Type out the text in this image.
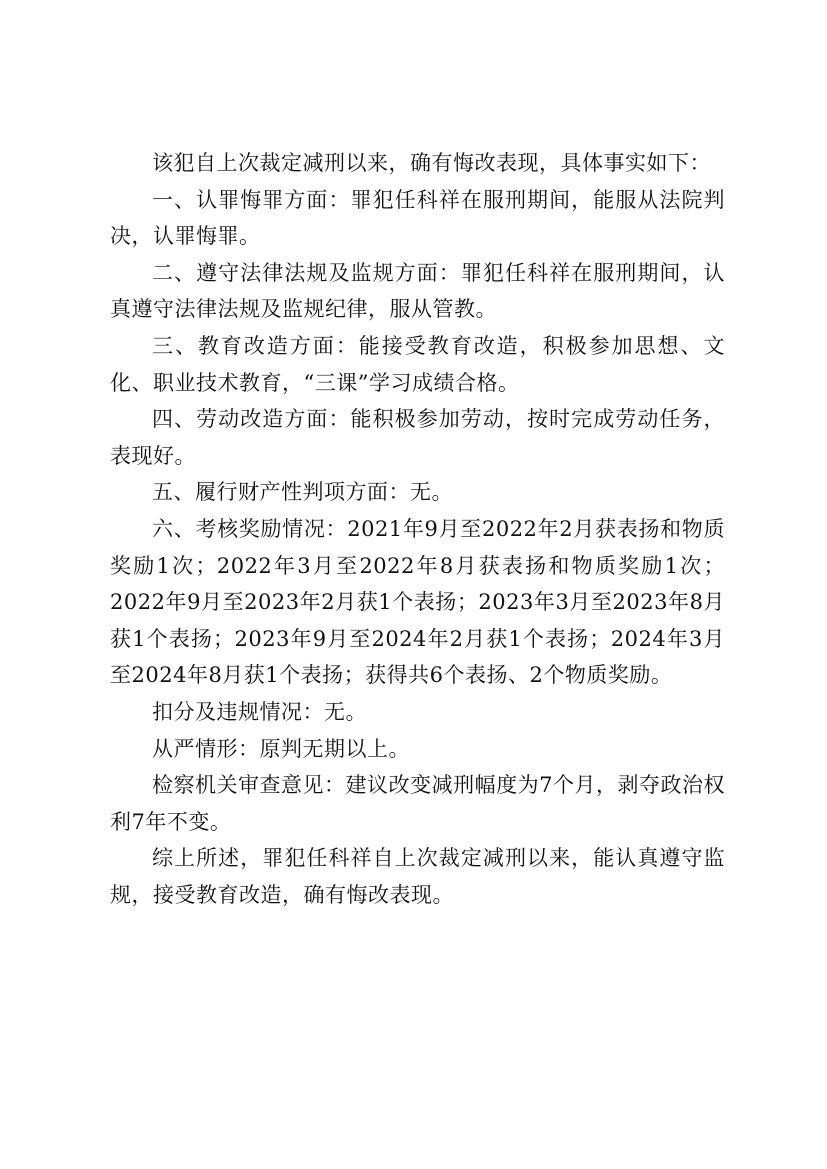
该犯自上次裁定减刑以来，确有悔改表现，具体事实如下：

一、认罪悔罪方面：罪犯任科祥在服刑期间，能服从法院判决，认罪悔罪。

二、遵守法律法规及监规方面：罪犯任科祥在服刑期间，认真遵守法律法规及监规纪律，服从管教。

三、教育改造方面：能接受教育改造，积极参加思想、文化、职业技术教育，“三课”学习成绩合格。

四、劳动改造方面：能积极参加劳动，按时完成劳动任务，表现好。

五、履行财产性判项方面：无。

六、考核奖励情况：2021年9月至2022年2月获表扬和物质奖励1次；2022年3月至2022年8月获表扬和物质奖励1次；2022年9月至2023年2月获1个表扬；2023年3月至2023年8月获1个表扬；2023年9月至2024年2月获1个表扬；2024年3月至2024年8月获1个表扬；获得共6个表扬、2个物质奖励。

扣分及违规情况：无。

从严情形：原判无期以上。

检察机关审查意见：建议改变减刑幅度为7个月，剥夺政治权利7年不变。

综上所述，罪犯任科祥自上次裁定减刑以来，能认真遵守监规，接受教育改造，确有悔改表现。
